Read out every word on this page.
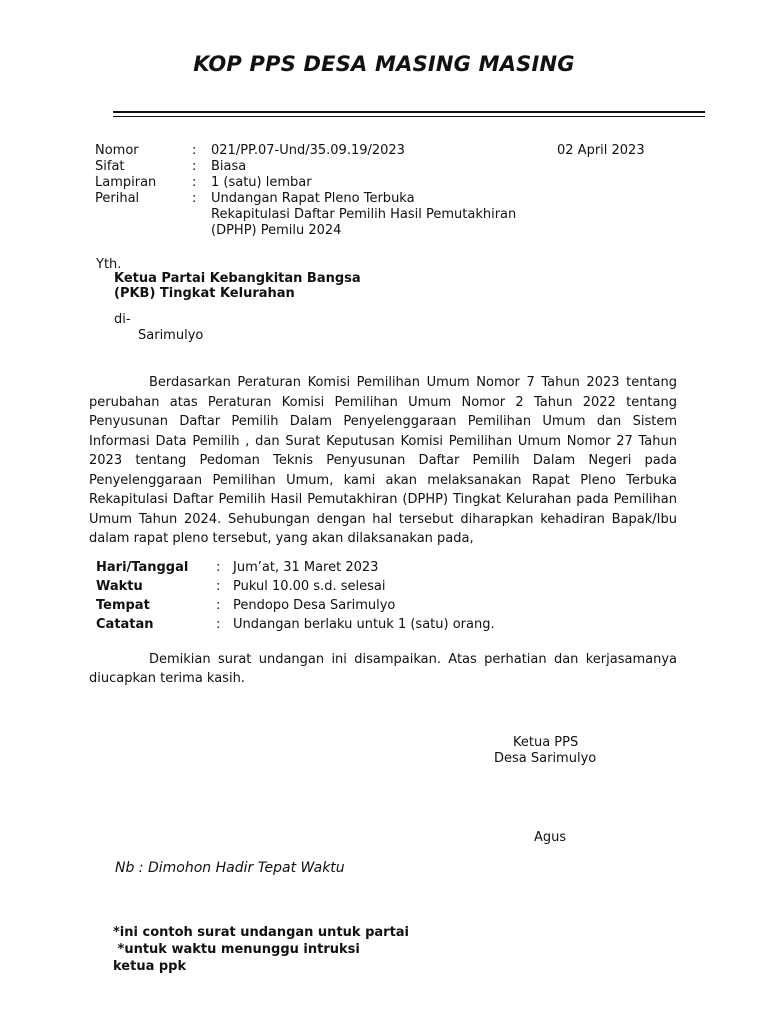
KOP PPS DESA MASING MASING
Nomor	:	021/PP.07-Und/35.09.19/2023
Sifat	:	Biasa
Lampiran	:	1 (satu) lembar
Perihal	:	Undangan Rapat Pleno Terbuka
Rekapitulasi Daftar Pemilih Hasil Pemutakhiran
(DPHP) Pemilu 2024
02 April 2023
Yth.
Ketua Partai Kebangkitan Bangsa
(PKB) Tingkat Kelurahan
di-
Sarimulyo
Berdasarkan Peraturan Komisi Pemilihan Umum Nomor 7 Tahun 2023 tentang perubahan atas Peraturan Komisi Pemilihan Umum Nomor 2 Tahun 2022 tentang Penyusunan Daftar Pemilih Dalam Penyelenggaraan Pemilihan Umum dan Sistem Informasi Data Pemilih , dan Surat Keputusan Komisi Pemilihan Umum Nomor 27 Tahun 2023 tentang Pedoman Teknis Penyusunan Daftar Pemilih Dalam Negeri pada Penyelenggaraan Pemilihan Umum, kami akan melaksanakan Rapat Pleno Terbuka Rekapitulasi Daftar Pemilih Hasil Pemutakhiran (DPHP) Tingkat Kelurahan pada Pemilihan Umum Tahun 2024. Sehubungan dengan hal tersebut diharapkan kehadiran Bapak/Ibu dalam rapat pleno tersebut, yang akan dilaksanakan pada,
Hari/Tanggal	: Jum’at, 31 Maret 2023
Waktu	: Pukul 10.00 s.d. selesai
Tempat	: Pendopo Desa Sarimulyo
Catatan	: Undangan berlaku untuk 1 (satu) orang.
Demikian surat undangan ini disampaikan. Atas perhatian dan kerjasamanya diucapkan terima kasih.
Ketua PPS
Desa Sarimulyo
Agus
Nb : Dimohon Hadir Tepat Waktu
*ini contoh surat undangan untuk partai
*untuk waktu menunggu intruksi
ketua ppk
